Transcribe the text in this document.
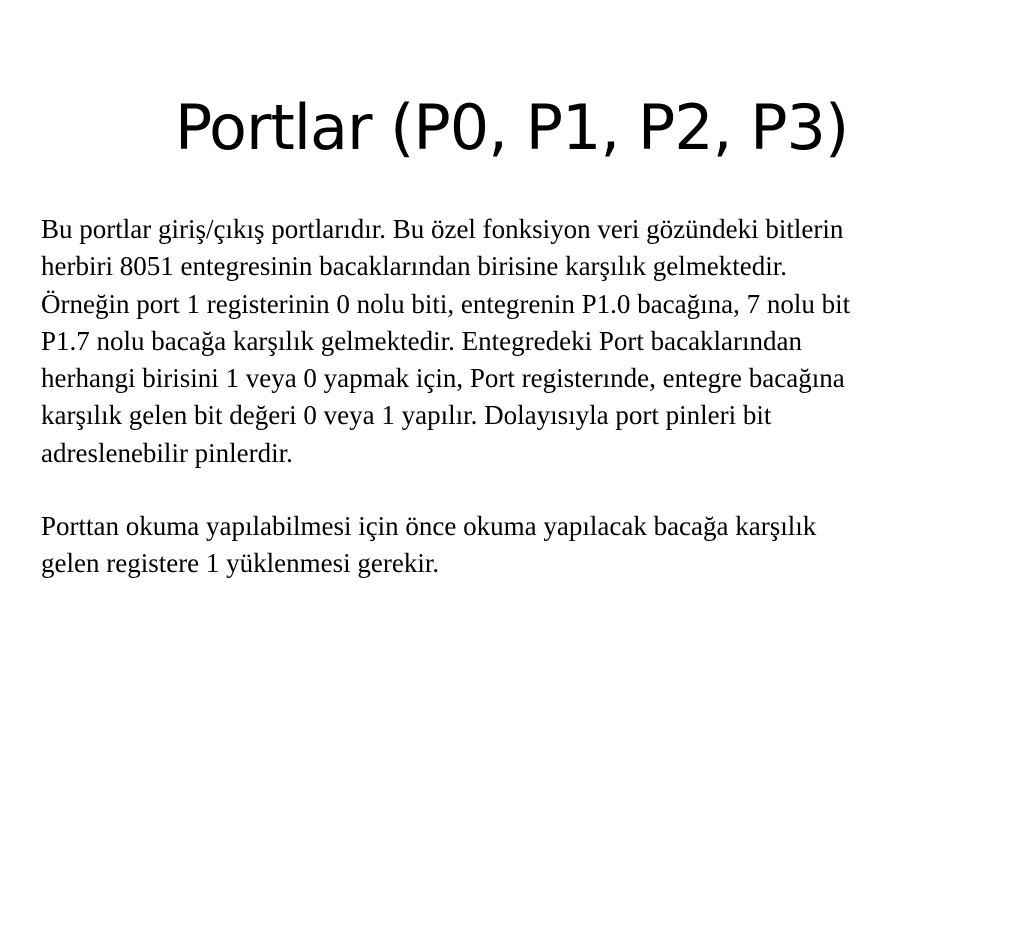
Portlar (P0, P1, P2, P3)

Bu portlar giriş/çıkış portlarıdır. Bu özel fonksiyon veri gözündeki bitlerin
herbiri 8051 entegresinin bacaklarından birisine karşılık gelmektedir.
Örneğin port 1 registerinin 0 nolu biti, entegrenin P1.0 bacağına, 7 nolu bit
P1.7 nolu bacağa karşılık gelmektedir. Entegredeki Port bacaklarından
herhangi birisini 1 veya 0 yapmak için, Port registerınde, entegre bacağına
karşılık gelen bit değeri 0 veya 1 yapılır. Dolayısıyla port pinleri bit
adreslenebilir pinlerdir.

Porttan okuma yapılabilmesi için önce okuma yapılacak bacağa karşılık
gelen registere 1 yüklenmesi gerekir.
